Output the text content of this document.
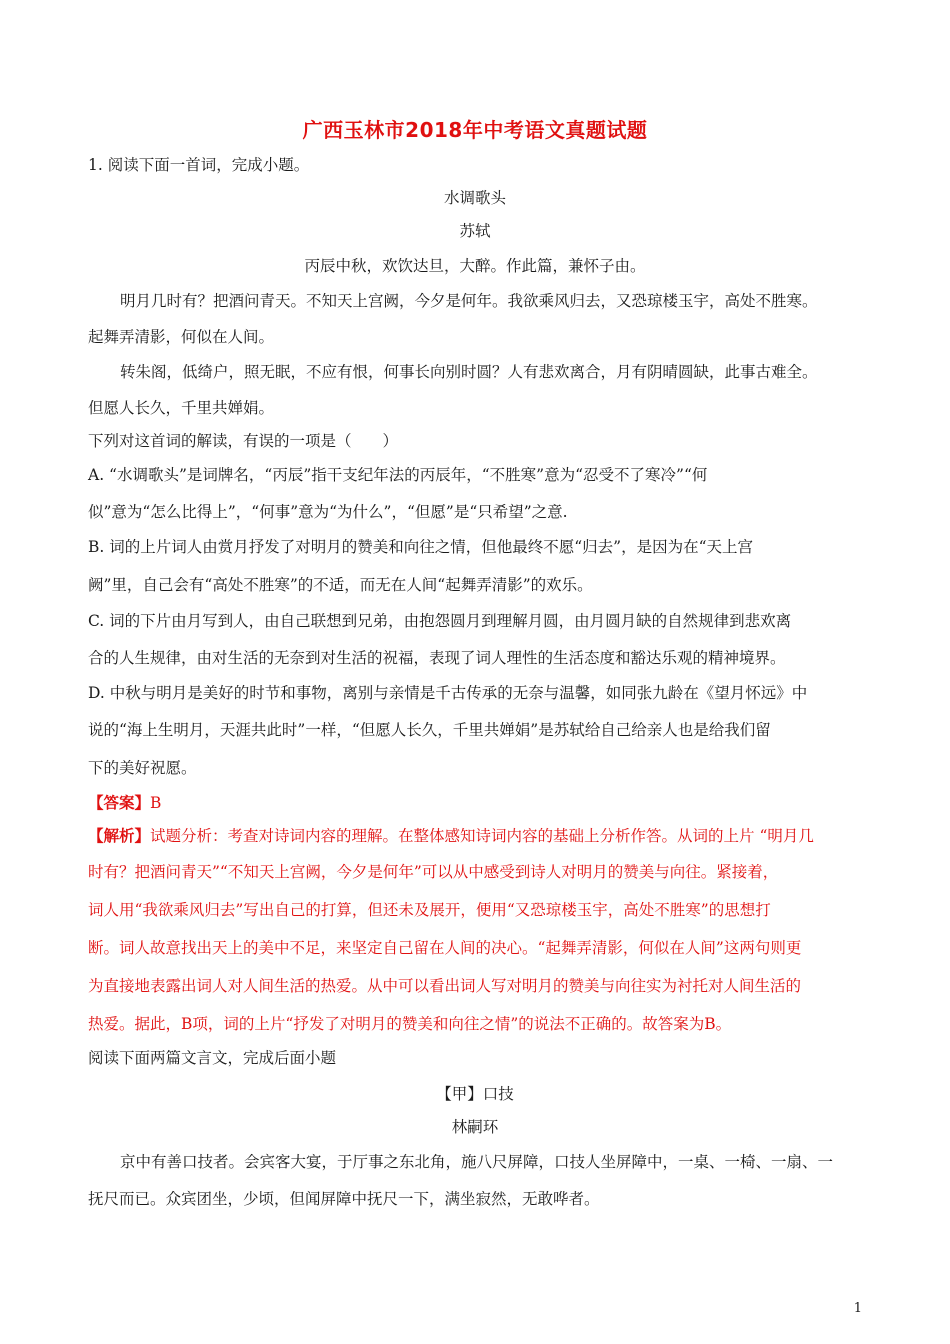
广西玉林市2018年中考语文真题试题
1. 阅读下面一首词，完成小题。
水调歌头
苏轼
丙辰中秋，欢饮达旦，大醉。作此篇，兼怀子由。
明月几时有？把酒问青天。不知天上宫阙，今夕是何年。我欲乘风归去，又恐琼楼玉宇，高处不胜寒。
起舞弄清影，何似在人间。
转朱阁，低绮户，照无眠，不应有恨，何事长向别时圆？人有悲欢离合，月有阴晴圆缺，此事古难全。
但愿人长久，千里共婵娟。
下列对这首词的解读，有误的一项是（　　）
A. “水调歌头”是词牌名，“丙辰”指干支纪年法的丙辰年，“不胜寒”意为“忍受不了寒冷”“何
似”意为“怎么比得上”，“何事”意为“为什么”，“但愿”是“只希望”之意.
B. 词的上片词人由赏月抒发了对明月的赞美和向往之情，但他最终不愿“归去”，是因为在“天上宫
阙”里，自己会有“高处不胜寒”的不适，而无在人间“起舞弄清影”的欢乐。
C. 词的下片由月写到人，由自己联想到兄弟，由抱怨圆月到理解月圆，由月圆月缺的自然规律到悲欢离
合的人生规律，由对生活的无奈到对生活的祝福，表现了词人理性的生活态度和豁达乐观的精神境界。
D. 中秋与明月是美好的时节和事物，离别与亲情是千古传承的无奈与温馨，如同张九龄在《望月怀远》中
说的“海上生明月，天涯共此时”一样，“但愿人长久，千里共婵娟”是苏轼给自己给亲人也是给我们留
下的美好祝愿。
【答案】B
【解析】试题分析：考查对诗词内容的理解。在整体感知诗词内容的基础上分析作答。从词的上片 “明月几
时有？把酒问青天”“不知天上宫阙，今夕是何年”可以从中感受到诗人对明月的赞美与向往。紧接着，
词人用“我欲乘风归去”写出自己的打算，但还未及展开，便用“又恐琼楼玉宇，高处不胜寒”的思想打
断。词人故意找出天上的美中不足，来坚定自己留在人间的决心。“起舞弄清影，何似在人间”这两句则更
为直接地表露出词人对人间生活的热爱。从中可以看出词人写对明月的赞美与向往实为衬托对人间生活的
热爱。据此，B项，词的上片“抒发了对明月的赞美和向往之情”的说法不正确的。故答案为B。
阅读下面两篇文言文，完成后面小题
【甲】口技
林嗣环
京中有善口技者。会宾客大宴，于厅事之东北角，施八尺屏障，口技人坐屏障中，一桌、一椅、一扇、一
抚尺而已。众宾团坐，少顷，但闻屏障中抚尺一下，满坐寂然，无敢哗者。
1
